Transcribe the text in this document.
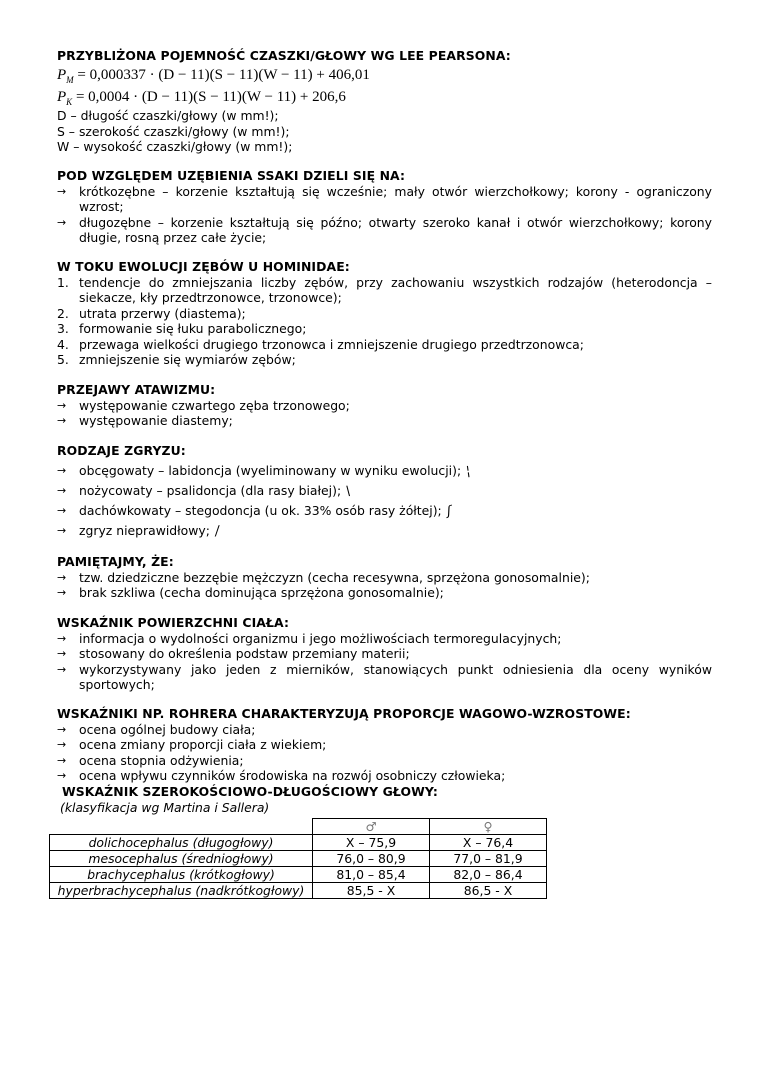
PRZYBLIŻONA POJEMNOŚĆ CZASZKI/GŁOWY WG LEE PEARSONA:
$P_M = 0,000337 \cdot (D - 11)(S - 11)(W - 11) + 406,01$
$P_K = 0,0004 \cdot (D - 11)(S - 11)(W - 11) + 206,6$

D – długość czaszki/głowy (w mm!);

S – szerokość czaszki/głowy (w mm!);

W – wysokość czaszki/głowy (w mm!);

POD WZGLĘDEM UZĘBIENIA SSAKI DZIELI SIĘ NA:
→ krótkozębne – korzenie kształtują się wcześnie; mały otwór wierzchołkowy; korony - ograniczony wzrost;
→ długozębne – korzenie kształtują się późno; otwarty szeroko kanał i otwór wierzchołkowy; korony długie, rosną przez całe życie;
W TOKU EWOLUCJI ZĘBÓW U HOMINIDAE:
1. tendencje do zmniejszania liczby zębów, przy zachowaniu wszystkich rodzajów (heterodoncja – siekacze, kły przedtrzonowce, trzonowce);
2. utrata przerwy (diastema);
3. formowanie się łuku parabolicznego;
4. przewaga wielkości drugiego trzonowca i zmniejszenie drugiego przedtrzonowca;
5. zmniejszenie się wymiarów zębów;
PRZEJAWY ATAWIZMU:
→ występowanie czwartego zęba trzonowego;
→ występowanie diastemy;
RODZAJE ZGRYZU:
→ obcęgowaty – labidoncja (wyeliminowany w wyniku ewolucji); ¦
→ nożycowaty – psalidoncja (dla rasy białej); \
→ dachówkowaty – stegodoncja (u ok. 33% osób rasy żółtej); ʃ
→ zgryz nieprawidłowy; /
PAMIĘTAJMY, ŻE:
→ tzw. dziedziczne bezzębie mężczyzn (cecha recesywna, sprzężona gonosomalnie);
→ brak szkliwa (cecha dominująca sprzężona gonosomalnie);
WSKAŹNIK POWIERZCHNI CIAŁA:
→ informacja o wydolności organizmu i jego możliwościach termoregulacyjnych;
→ stosowany do określenia podstaw przemiany materii;
→ wykorzystywany jako jeden z mierników, stanowiących punkt odniesienia dla oceny wyników sportowych;
WSKAŹNIKI NP. ROHRERA CHARAKTERYZUJĄ PROPORCJE WAGOWO-WZROSTOWE:
→ ocena ogólnej budowy ciała;
→ ocena zmiany proporcji ciała z wiekiem;
→ ocena stopnia odżywienia;
→ ocena wpływu czynników środowiska na rozwój osobniczy człowieka;
WSKAŹNIK SZEROKOŚCIOWO-DŁUGOŚCIOWY GŁOWY:

(klasyfikacja wg Martina i Sallera)

	♂	♀
dolichocephalus (długogłowy)	X – 75,9	X – 76,4
mesocephalus (średniogłowy)	76,0 – 80,9	77,0 – 81,9
brachycephalus (krótkogłowy)	81,0 – 85,4	82,0 – 86,4
hyperbrachycephalus (nadkrótkogłowy)	85,5 - X	86,5 - X
